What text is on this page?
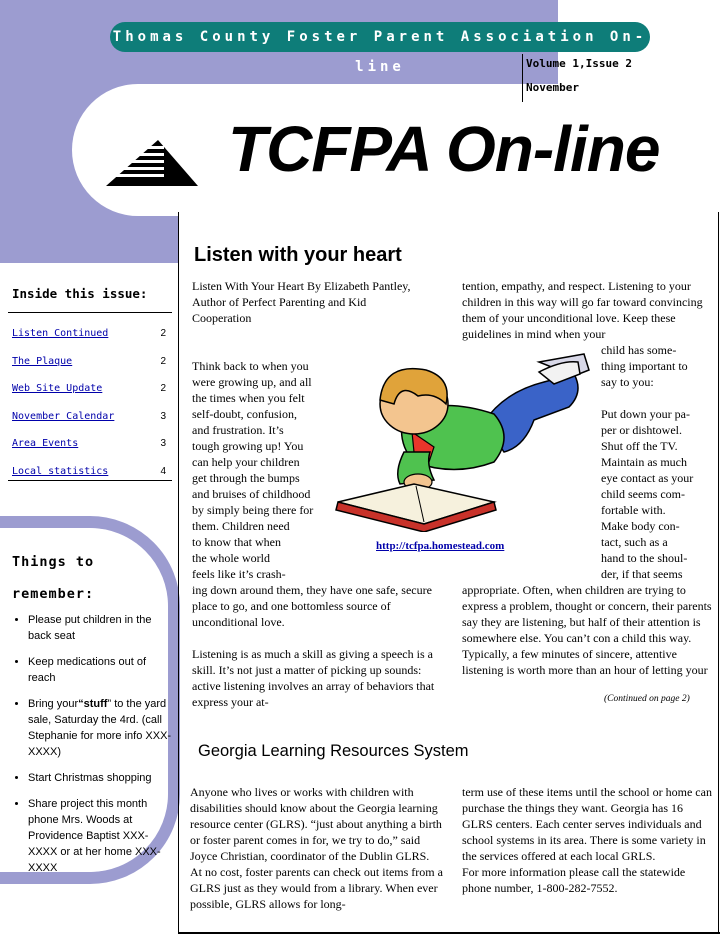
Thomas County Foster Parent Association On-line	Volume 1,Issue 2
November
TCFPA On-line
Inside this issue:
Listen Continued	2
The Plaque	2
Web Site Update	2
November Calendar	3
Area Events	3
Local statistics	4
Things to
remember:
• Please put children in the back seat
• Keep medications out of reach
• Bring your“stuff” to the yard sale, Saturday the 4rd. (call Stephanie for more info XXX-XXXX)
• Start Christmas shopping
• Share project this month phone Mrs. Woods at Providence Baptist XXX-XXXX or at her home XXX-XXXX
Listen with your heart

Listen With Your Heart By Elizabeth Pantley, Author of Perfect Parenting and Kid Cooperation

Think back to when you
were growing up, and all
the times when you felt
self-doubt, confusion,
and frustration. It’s
tough growing up! You
can help your children
get through the bumps
and bruises of childhood
by simply being there for
them. Children need
to know that when
the whole world
feels like it’s crash-

ing down around them, they have one safe, secure place to go, and one bottomless source of unconditional love.

Listening is as much a skill as giving a speech is a skill. It’s not just a matter of picking up sounds: active listening involves an array of behaviors that express your at-

tention, empathy, and respect. Listening to your children in this way will go far toward convincing them of your unconditional love. Keep these guidelines in mind when your

child has some-
thing important to
say to you:
Put down your pa-
per or dishtowel.
Shut off the TV.
Maintain as much
eye contact as your
child seems com-
fortable with.
Make body con-
tact, such as a
hand to the shoul-
der, if that seems

appropriate. Often, when children are trying to express a problem, thought or concern, their parents say they are listening, but half of their attention is somewhere else. You can’t con a child this way. Typically, a few minutes of sincere, attentive listening is worth more than an hour of letting your

(Continued on page 2)
http://tcfpa.homestead.com
Georgia Learning Resources System

Anyone who lives or works with children with disabilities should know about the Georgia learning resource center (GLRS). “just about anything a birth or foster parent comes in for, we try to do,” said Joyce Christian, coordinator of the Dublin GLRS.

At no cost, foster parents can check out items from a GLRS just as they would from a library. When ever possible, GLRS allows for long-

term use of these items until the school or home can purchase the things they want. Georgia has 16 GLRS centers. Each center serves individuals and school systems in its area. There is some variety in the services offered at each local GRLS.

For more information please call the statewide phone number, 1-800-282-7552.
